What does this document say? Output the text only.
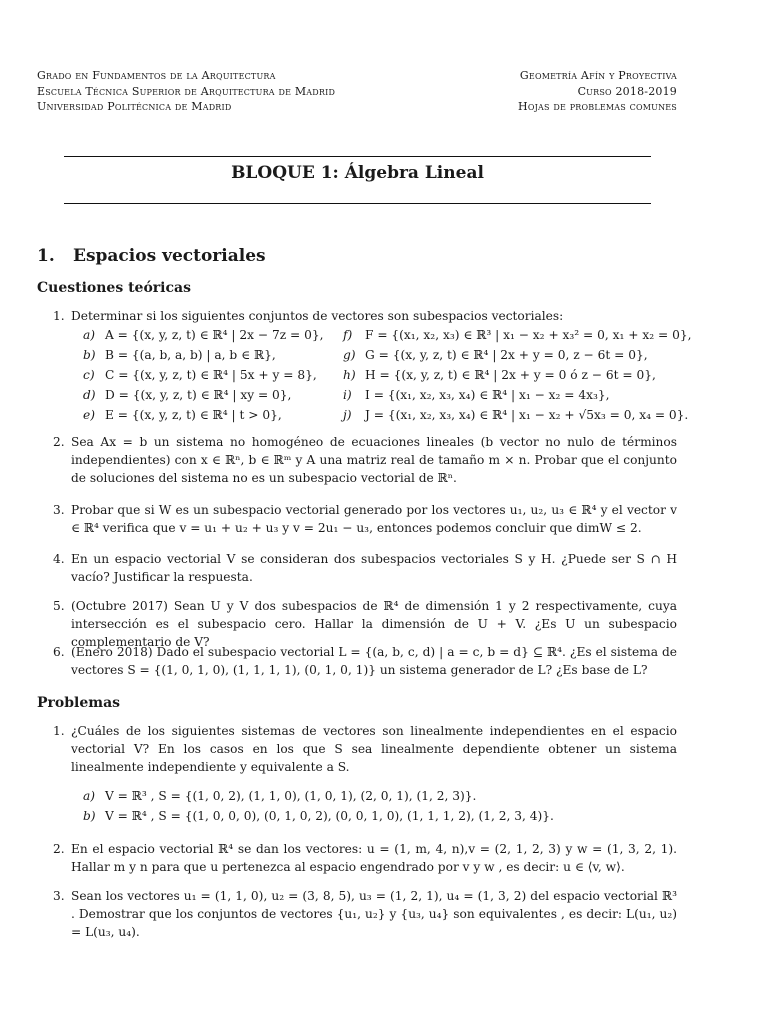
Grado en Fundamentos de la Arquitectura
Escuela Técnica Superior de Arquitectura de Madrid
Universidad Politécnica de Madrid
Geometría Afín y Proyectiva
Curso 2018-2019
Hojas de problemas comunes
BLOQUE 1: Álgebra Lineal
1. Espacios vectoriales
Cuestiones teóricas
1. Determinar si los siguientes conjuntos de vectores son subespacios vectoriales:
a) A = {(x, y, z, t) ∈ ℝ⁴ | 2x − 7z = 0},
b) B = {(a, b, a, b) | a, b ∈ ℝ},
c) C = {(x, y, z, t) ∈ ℝ⁴ | 5x + y = 8},
d) D = {(x, y, z, t) ∈ ℝ⁴ | xy = 0},
e) E = {(x, y, z, t) ∈ ℝ⁴ | t > 0},
f) F = {(x₁, x₂, x₃) ∈ ℝ³ | x₁ − x₂ + x₃² = 0, x₁ + x₂ = 0},
g) G = {(x, y, z, t) ∈ ℝ⁴ | 2x + y = 0, z − 6t = 0},
h) H = {(x, y, z, t) ∈ ℝ⁴ | 2x + y = 0 ó z − 6t = 0},
i) I = {(x₁, x₂, x₃, x₄) ∈ ℝ⁴ | x₁ − x₂ = 4x₃},
j) J = {(x₁, x₂, x₃, x₄) ∈ ℝ⁴ | x₁ − x₂ + √5x₃ = 0, x₄ = 0}.
2. Sea Ax = b un sistema no homogéneo de ecuaciones lineales (b vector no nulo de términos independientes) con x ∈ ℝⁿ, b ∈ ℝᵐ y A una matriz real de tamaño m × n. Probar que el conjunto de soluciones del sistema no es un subespacio vectorial de ℝⁿ.
3. Probar que si W es un subespacio vectorial generado por los vectores u₁, u₂, u₃ ∈ ℝ⁴ y el vector v ∈ ℝ⁴ verifica que v = u₁ + u₂ + u₃ y v = 2u₁ − u₃, entonces podemos concluir que dimW ≤ 2.
4. En un espacio vectorial V se consideran dos subespacios vectoriales S y H. ¿Puede ser S ∩ H vacío? Justificar la respuesta.
5. (Octubre 2017) Sean U y V dos subespacios de ℝ⁴ de dimensión 1 y 2 respectivamente, cuya intersección es el subespacio cero. Hallar la dimensión de U + V. ¿Es U un subespacio complementario de V?
6. (Enero 2018) Dado el subespacio vectorial L = {(a, b, c, d) | a = c, b = d} ⊆ ℝ⁴. ¿Es el sistema de vectores S = {(1, 0, 1, 0), (1, 1, 1, 1), (0, 1, 0, 1)} un sistema generador de L? ¿Es base de L?
Problemas
1. ¿Cuáles de los siguientes sistemas de vectores son linealmente independientes en el espacio vectorial V? En los casos en los que S sea linealmente dependiente obtener un sistema linealmente independiente y equivalente a S.
a) V = ℝ³ , S = {(1, 0, 2), (1, 1, 0), (1, 0, 1), (2, 0, 1), (1, 2, 3)}.
b) V = ℝ⁴ , S = {(1, 0, 0, 0), (0, 1, 0, 2), (0, 0, 1, 0), (1, 1, 1, 2), (1, 2, 3, 4)}.
2. En el espacio vectorial ℝ⁴ se dan los vectores: u = (1, m, 4, n),v = (2, 1, 2, 3) y w = (1, 3, 2, 1). Hallar m y n para que u pertenezca al espacio engendrado por v y w , es decir: u ∈ ⟨v, w⟩.
3. Sean los vectores u₁ = (1, 1, 0), u₂ = (3, 8, 5), u₃ = (1, 2, 1), u₄ = (1, 3, 2) del espacio vectorial ℝ³ . Demostrar que los conjuntos de vectores {u₁, u₂} y {u₃, u₄} son equivalentes , es decir: L(u₁, u₂) = L(u₃, u₄).
